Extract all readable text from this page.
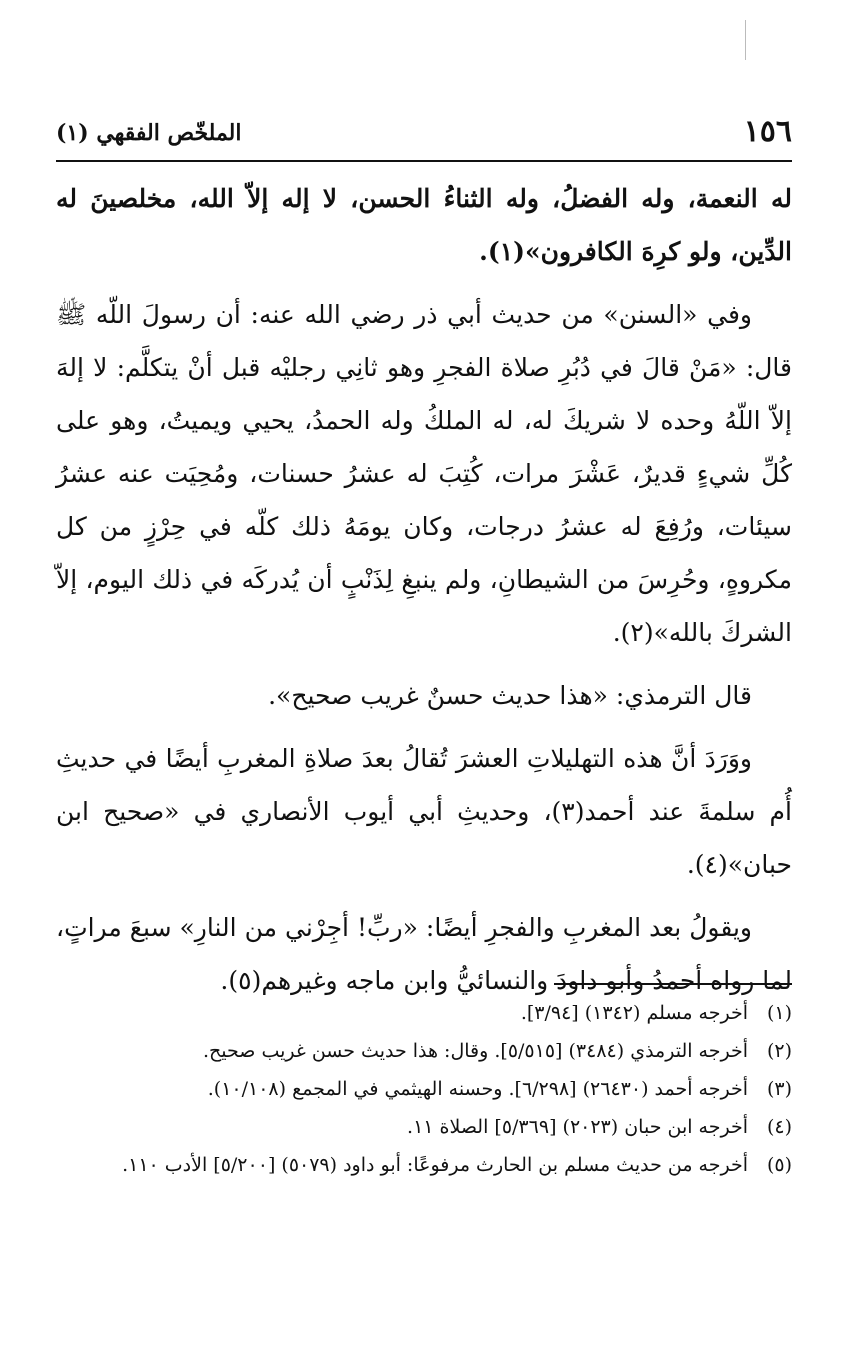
١٥٦
الملخّص الفقهي (١)

له النعمة، وله الفضلُ، وله الثناءُ الحسن، لا إله إلاّ الله، مخلصينَ له الدِّين، ولو كرِهَ الكافرون»(١).

وفي «السنن» من حديث أبي ذر رضي الله عنه: أن رسولَ اللّه ﷺ قال: «مَنْ قالَ في دُبُرِ صلاة الفجرِ وهو ثانِي رجليْه قبل أنْ يتكلَّم: لا إلهَ إلاّ اللّهُ وحده لا شريكَ له، له الملكُ وله الحمدُ، يحيي ويميتُ، وهو على كُلِّ شيءٍ قديرٌ، عَشْرَ مرات، كُتِبَ له عشرُ حسنات، ومُحِيَت عنه عشرُ سيئات، ورُفِعَ له عشرُ درجات، وكان يومَهُ ذلك كلّه في حِرْزٍ من كل مكروهٍ، وحُرِسَ من الشيطانِ، ولم ينبغِ لِذَنْبٍ أن يُدركَه في ذلك اليوم، إلاّ الشركَ بالله»(٢).

قال الترمذي: «هذا حديث حسنٌ غريب صحيح».

ووَرَدَ أنَّ هذه التهليلاتِ العشرَ تُقالُ بعدَ صلاةِ المغربِ أيضًا في حديثِ أُم سلمةَ عند أحمد(٣)، وحديثِ أبي أيوب الأنصاري في «صحيح ابن حبان»(٤).

ويقولُ بعد المغربِ والفجرِ أيضًا: «ربِّ! أجِرْني من النارِ» سبعَ مراتٍ، لما رواه أحمدُ وأبو داودَ والنسائيُّ وابن ماجه وغيرهم(٥).

(١)
أخرجه مسلم (١٣٤٢) [٣/٩٤].
(٢)
أخرجه الترمذي (٣٤٨٤) [٥/٥١٥]. وقال: هذا حديث حسن غريب صحيح.
(٣)
أخرجه أحمد (٢٦٤٣٠) [٦/٢٩٨]. وحسنه الهيثمي في المجمع (١٠/١٠٨).
(٤)
أخرجه ابن حبان (٢٠٢٣) [٥/٣٦٩] الصلاة ١١.
(٥)
أخرجه من حديث مسلم بن الحارث مرفوعًا: أبو داود (٥٠٧٩) [٥/٢٠٠] الأدب ١١٠.
